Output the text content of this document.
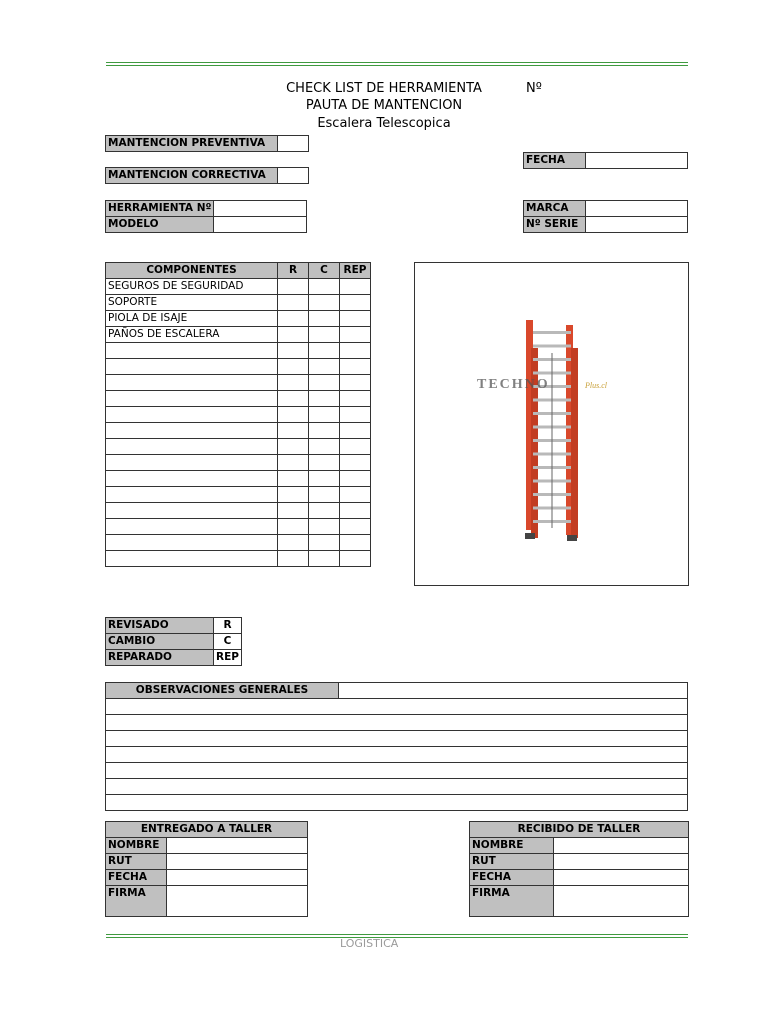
CHECK LIST DE HERRAMIENTA	Nº
PAUTA DE MANTENCION
Escalera Telescopica
MANTENCION PREVENTIVA	
MANTENCION CORRECTIVA	
FECHA	
HERRAMIENTA Nº	
MODELO	
MARCA	
Nº SERIE	
COMPONENTES	R	C	REP
SEGUROS DE SEGURIDAD			
SOPORTE			
PIOLA DE ISAJE			
PAÑOS DE ESCALERA			

TECHNO	Plus.cl
REVISADO	R
CAMBIO	C
REPARADO	REP
OBSERVACIONES GENERALES	

ENTREGADO A TALLER	
NOMBRE	
RUT	
FECHA	
FIRMA	
RECIBIDO DE TALLER	
NOMBRE	
RUT	
FECHA	
FIRMA	
LOGISTICA
